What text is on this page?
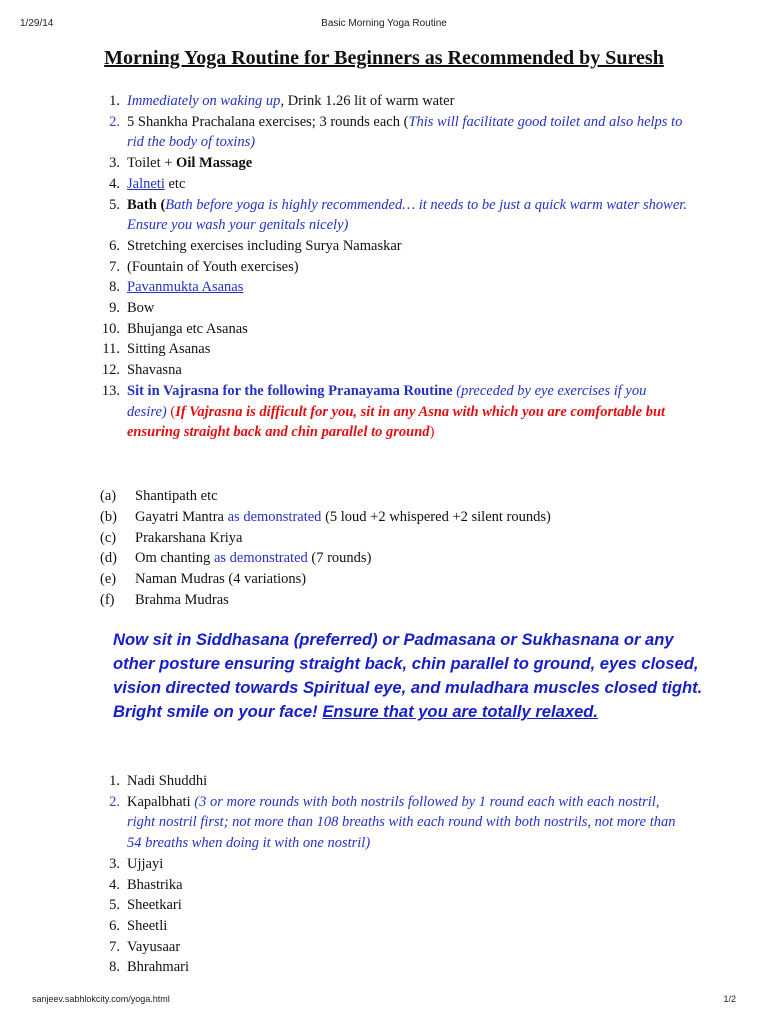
1/29/14	Basic Morning Yoga Routine
Morning Yoga Routine for Beginners as Recommended by Suresh
1. Immediately on waking up, Drink 1.26 lit of warm water
2. 5 Shankha Prachalana exercises; 3 rounds each (This will facilitate good toilet and also helps to rid the body of toxins)
3. Toilet + Oil Massage
4. Jalneti etc
5. Bath (Bath before yoga is highly recommended… it needs to be just a quick warm water shower. Ensure you wash your genitals nicely)
6. Stretching exercises including Surya Namaskar
7. (Fountain of Youth exercises)
8. Pavanmukta Asanas
9. Bow
10. Bhujanga etc Asanas
11. Sitting Asanas
12. Shavasna
13. Sit in Vajrasna for the following Pranayama Routine (preceded by eye exercises if you desire) (If Vajrasna is difficult for you, sit in any Asna with which you are comfortable but ensuring straight back and chin parallel to ground)
(a)	Shantipath etc
(b)	Gayatri Mantra as demonstrated (5 loud +2 whispered +2 silent rounds)
(c)	Prakarshana Kriya
(d)	Om chanting as demonstrated (7 rounds)
(e)	Naman Mudras (4 variations)
(f)	Brahma Mudras

Now sit in Siddhasana (preferred) or Padmasana or Sukhasnana or any other posture ensuring straight back, chin parallel to ground, eyes closed, vision directed towards Spiritual eye, and muladhara muscles closed tight. Bright smile on your face! Ensure that you are totally relaxed.

1. Nadi Shuddhi
2. Kapalbhati (3 or more rounds with both nostrils followed by 1 round each with each nostril, right nostril first; not more than 108 breaths with each round with both nostrils, not more than 54 breaths when doing it with one nostril)
3. Ujjayi
4. Bhastrika
5. Sheetkari
6. Sheetli
7. Vayusaar
8. Bhrahmari
sanjeev.sabhlokcity.com/yoga.html	1/2
